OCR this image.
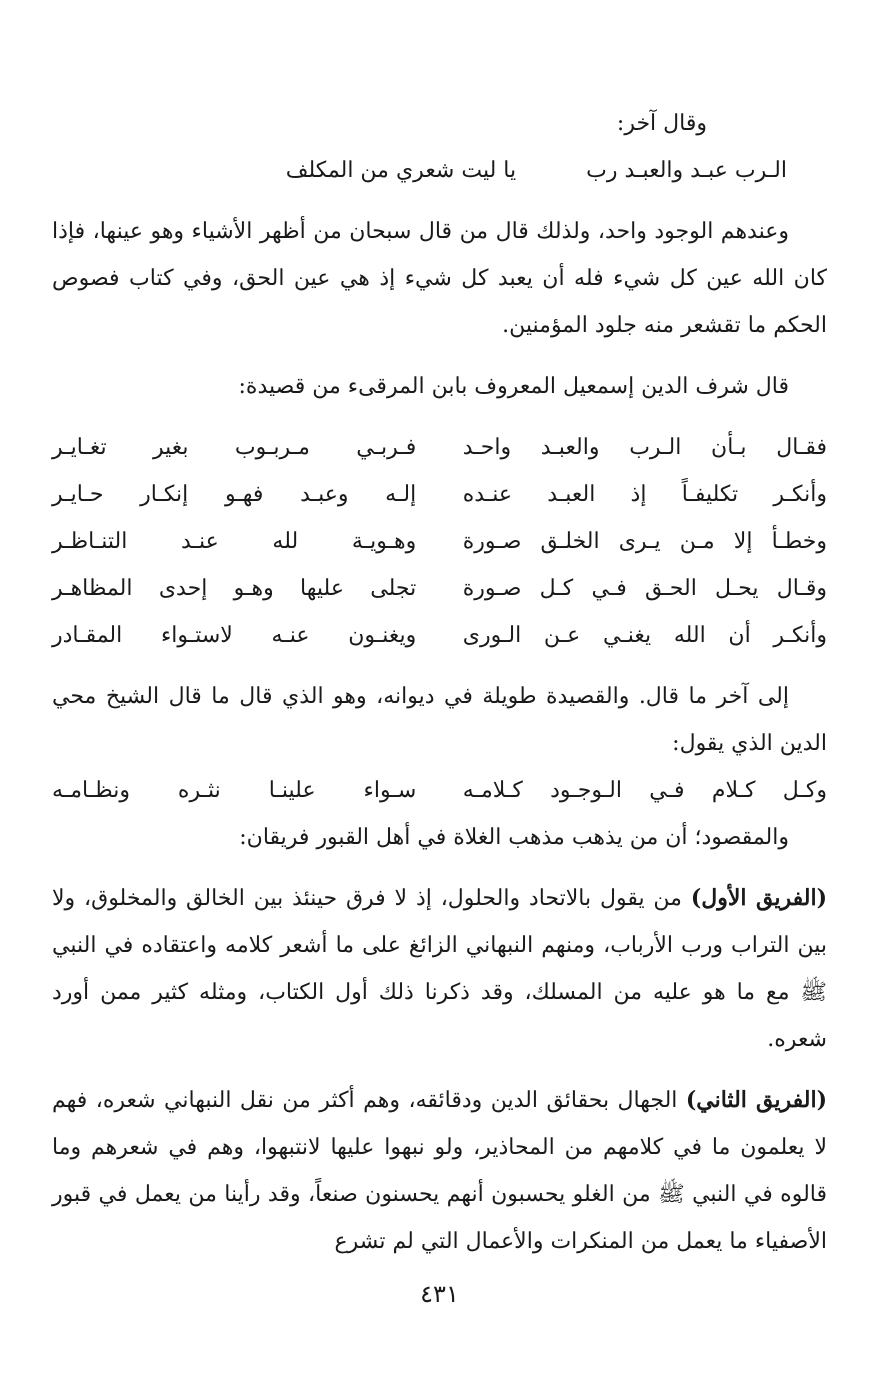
وقال آخر:

الـرب عبـد والعبـد رب
يا ليت شعري من المكلف

وعندهم الوجود واحد، ولذلك قال من قال سبحان من أظهر الأشياء وهو عينها، فإذا كان الله عين كل شيء فله أن يعبد كل شيء إذ هي عين الحق، وفي كتاب فصوص الحكم ما تقشعر منه جلود المؤمنين.

قال شرف الدين إسمعيل المعروف بابن المرقىء من قصيدة:

فقـال بـأن الـرب والعبـد واحـد
فـربـي مـربـوب بغير تغـايـر
وأنكـر تكليفـاً إذ العبـد عنـده
إلـه وعبـد فهـو إنكـار حـايـر
وخطـأ إلا مـن يـرى الخلـق صـورة
وهـويـة لله عنـد التنـاظـر
وقـال يحـل الحـق فـي كـل صـورة
تجلى عليها وهـو إحدى المظاهـر
وأنكـر أن الله يغنـي عـن الـورى
ويغنـون عنـه لاستـواء المقـادر

إلى آخر ما قال. والقصيدة طويلة في ديوانه، وهو الذي قال ما قال الشيخ محي الدين الذي يقول:

وكـل كـلام فـي الـوجـود كـلامـه
سـواء علينـا نثـره ونظـامـه

والمقصود؛ أن من يذهب مذهب الغلاة في أهل القبور فريقان:

(الفريق الأول) من يقول بالاتحاد والحلول، إذ لا فرق حينئذ بين الخالق والمخلوق، ولا بين التراب ورب الأرباب، ومنهم النبهاني الزائغ على ما أشعر كلامه واعتقاده في النبي ﷺ مع ما هو عليه من المسلك، وقد ذكرنا ذلك أول الكتاب، ومثله كثير ممن أورد شعره.

(الفريق الثاني) الجهال بحقائق الدين ودقائقه، وهم أكثر من نقل النبهاني شعره، فهم لا يعلمون ما في كلامهم من المحاذير، ولو نبهوا عليها لانتبهوا، وهم في شعرهم وما قالوه في النبي ﷺ من الغلو يحسبون أنهم يحسنون صنعاً، وقد رأينا من يعمل في قبور الأصفياء ما يعمل من المنكرات والأعمال التي لم تشرع

٤٣١
